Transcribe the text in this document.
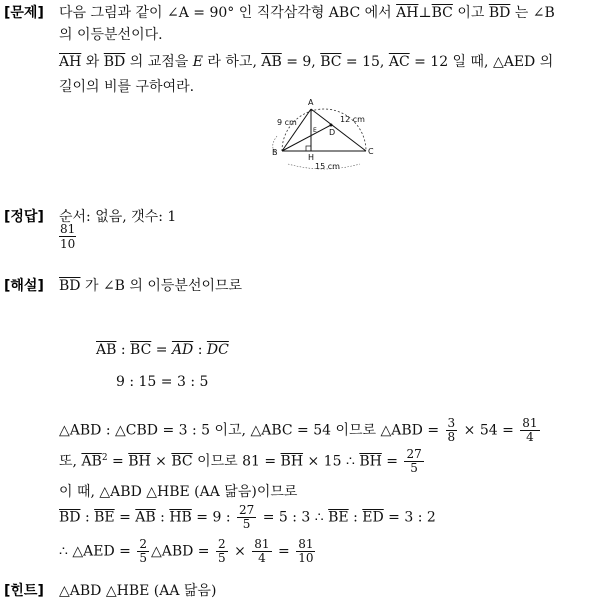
[문제] 다음 그림과 같이 ∠A = 90° 인 직각삼각형 ABC 에서 $\overline{AH}\perp\overline{BC}$ 이고 $\overline{BD}$ 는 ∠B
의 이등분선이다.
$\overline{AH}$ 와 $\overline{BD}$ 의 교점을 E 라 하고, $\overline{AB} = 9$, $\overline{BC} = 15$, $\overline{AC} = 12$ 일 때, △AED 의
길이의 비를 구하여라.
A
B	C
D
H
E
9 cm	12 cm
15 cm
[정답] 순서: 없음, 갯수: 1
$\frac{81}{10}$
[해설] $\overline{BD}$ 가 ∠B 의 이등분선이므로
$\overline{AB}$ : $\overline{BC} = \overline{AD}$ : $\overline{DC}$
9 : 15 = 3 : 5
△ABD : △CBD = 3 : 5 이고, △ABC = 54 이므로 △ABD = $\frac{3}{8} \times 54 = \frac{81}{4}$
또, $\overline{AB}^2 = \overline{BH} \times \overline{BC}$ 이므로 $81 = \overline{BH} \times 15$ ∴ $\overline{BH} = \frac{27}{5}$
이 때, △ABD △HBE (AA 닮음)이므로
$\overline{BD}$ : $\overline{BE} = \overline{AB}$ : $\overline{HB} = 9$ : $\frac{27}{5} = 5$ : 3 ∴ $\overline{BE}$ : $\overline{ED} = 3$ : 2
∴ △AED = $\frac{2}{5}$ △ABD = $\frac{2}{5} \times \frac{81}{4} = \frac{81}{10}$
[힌트] △ABD △HBE (AA 닮음)
